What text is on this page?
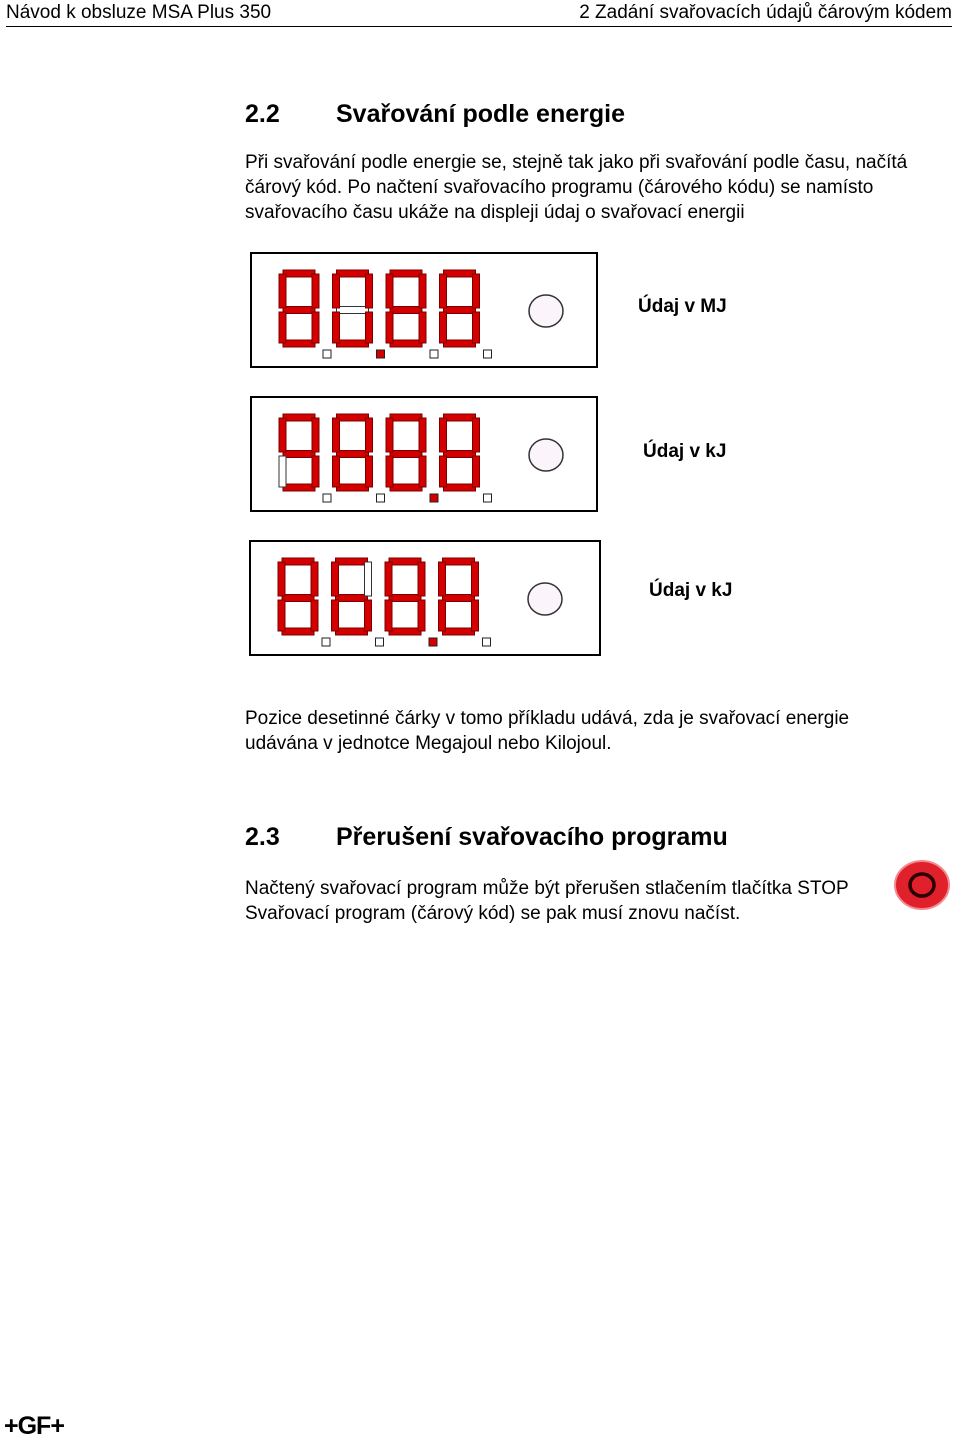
Návod k obsluze MSA Plus 350	2 Zadání svařovacích údajů čárovým kódem
2.2 Svařování podle energie
Při svařování podle energie se, stejně tak jako při svařování podle času, načítá
čárový kód. Po načtení svařovacího programu (čárového kódu) se namísto
svařovacího času ukáže na displeji údaj o svařovací energii
Údaj v MJ
Údaj v kJ
Údaj v kJ
Pozice desetinné čárky v tomo příkladu udává, zda je svařovací energie
udávána v jednotce Megajoul nebo Kilojoul.
2.3 Přerušení svařovacího programu
Načtený svařovací program může být přerušen stlačením tlačítka STOP
Svařovací program (čárový kód) se pak musí znovu načíst.
+GF+
